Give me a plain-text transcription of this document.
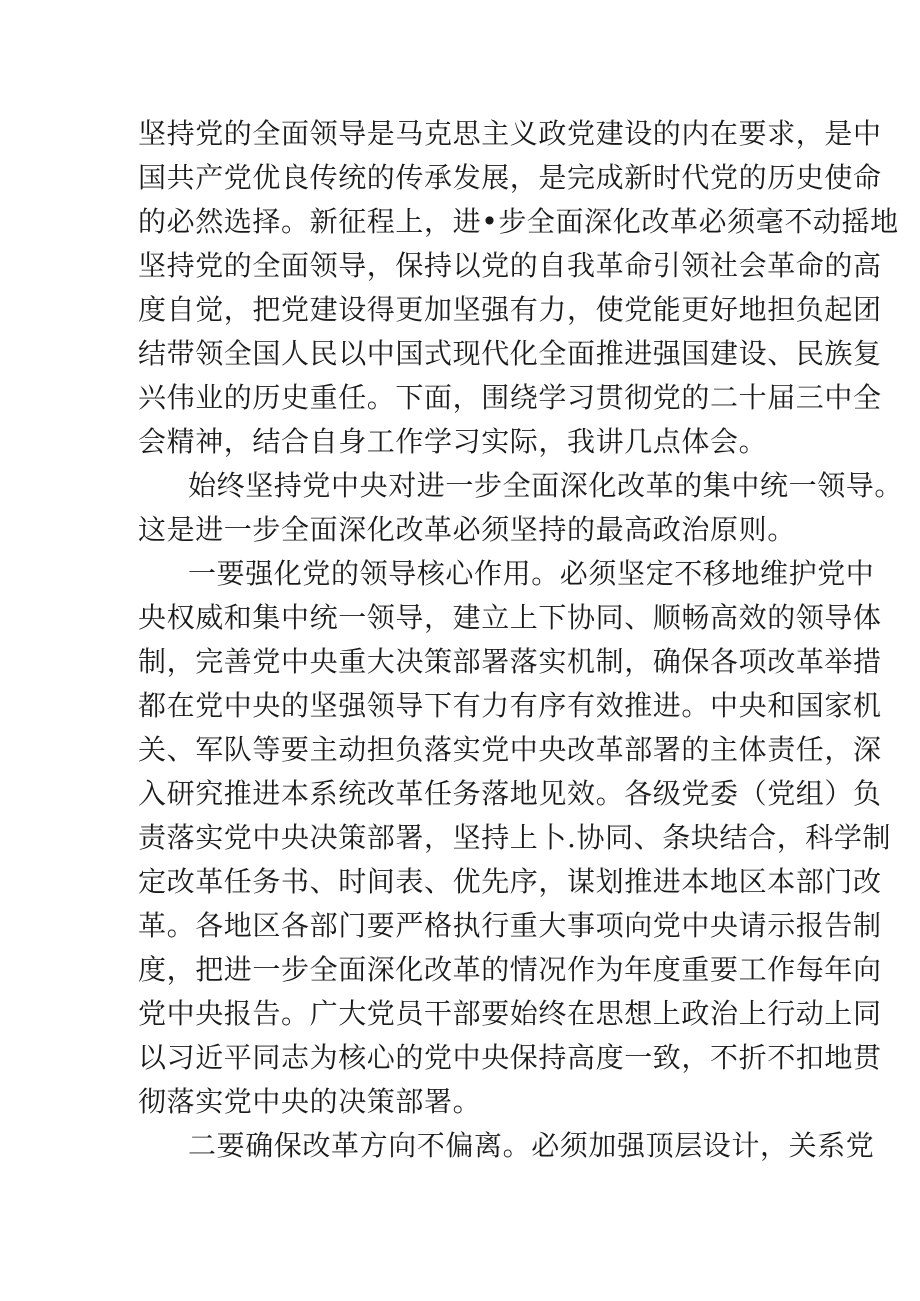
坚持党的全面领导是马克思主义政党建设的内在要求，是中
国共产党优良传统的传承发展，是完成新时代党的历史使命
的必然选择。新征程上，进•步全面深化改革必须毫不动摇地
坚持党的全面领导，保持以党的自我革命引领社会革命的高
度自觉，把党建设得更加坚强有力，使党能更好地担负起团
结带领全国人民以中国式现代化全面推进强国建设、民族复
兴伟业的历史重任。下面，围绕学习贯彻党的二十届三中全
会精神，结合自身工作学习实际，我讲几点体会。
始终坚持党中央对进一步全面深化改革的集中统一领导。
这是进一步全面深化改革必须坚持的最高政治原则。
一要强化党的领导核心作用。必须坚定不移地维护党中
央权威和集中统一领导，建立上下协同、顺畅高效的领导体
制，完善党中央重大决策部署落实机制，确保各项改革举措
都在党中央的坚强领导下有力有序有效推进。中央和国家机
关、军队等要主动担负落实党中央改革部署的主体责任，深
入研究推进本系统改革任务落地见效。各级党委（党组）负
责落实党中央决策部署，坚持上卜.协同、条块结合，科学制
定改革任务书、时间表、优先序，谋划推进本地区本部门改
革。各地区各部门要严格执行重大事项向党中央请示报告制
度，把进一步全面深化改革的情况作为年度重要工作每年向
党中央报告。广大党员干部要始终在思想上政治上行动上同
以习近平同志为核心的党中央保持高度一致，不折不扣地贯
彻落实党中央的决策部署。
二要确保改革方向不偏离。必须加强顶层设计，关系党
